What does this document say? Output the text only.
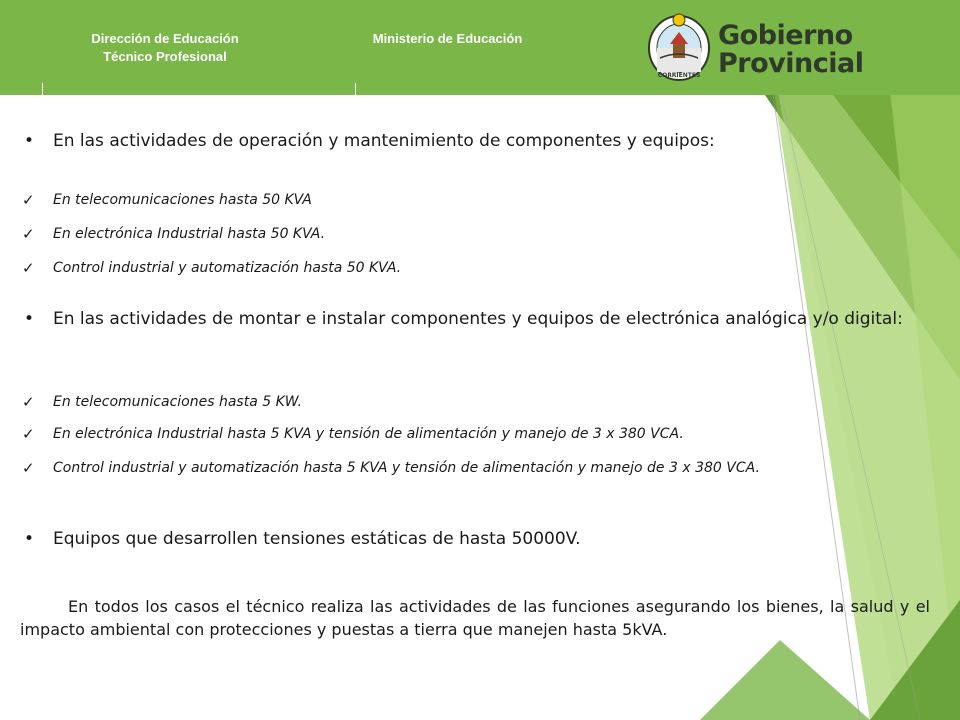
Dirección de Educación
Técnico Profesional
Ministerio de Educación
CORRIENTES
Gobierno
Provincial
• En las actividades de operación y mantenimiento de componentes y equipos:
✓ En telecomunicaciones hasta 50 KVA
✓ En electrónica Industrial hasta 50 KVA.
✓ Control industrial y automatización hasta 50 KVA.
• En las actividades de montar e instalar componentes y equipos de electrónica analógica y/o digital:
✓ En telecomunicaciones hasta 5 KW.
✓ En electrónica Industrial hasta 5 KVA y tensión de alimentación y manejo de 3 x 380 VCA.
✓ Control industrial y automatización hasta 5 KVA y tensión de alimentación y manejo de 3 x 380 VCA.
• Equipos que desarrollen tensiones estáticas de hasta 50000V.
En todos los casos el técnico realiza las actividades de las funciones asegurando los bienes, la salud y el impacto ambiental con protecciones y puestas a tierra que manejen hasta 5kVA.
